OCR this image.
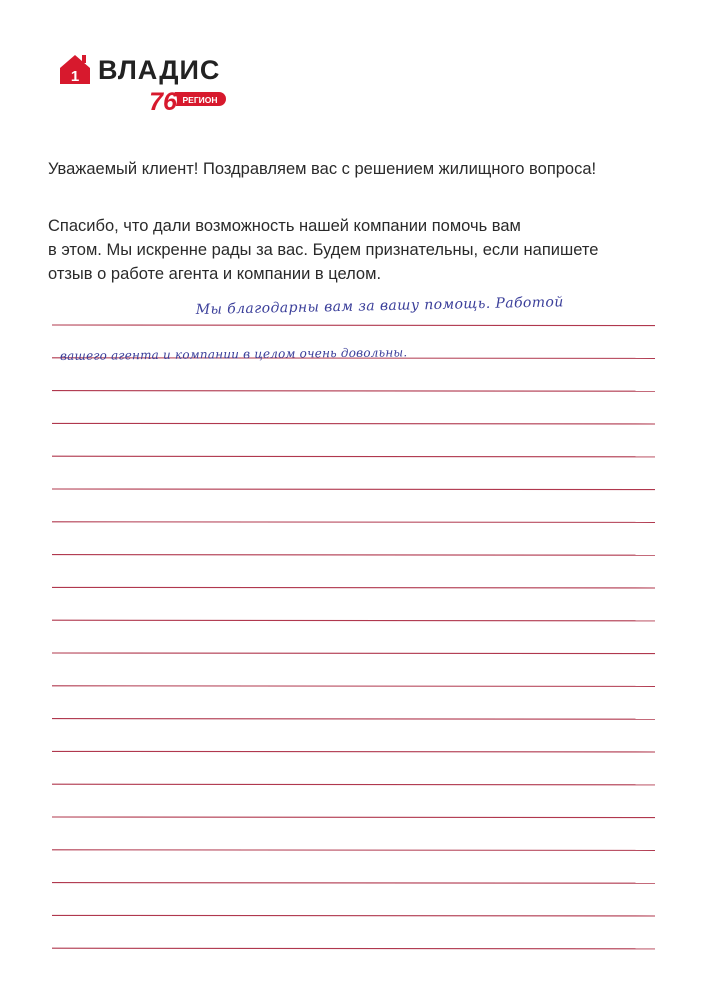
1 ВЛАДИС
76 РЕГИОН

Уважаемый клиент! Поздравляем вас с решением жилищного вопроса!

Спасибо, что дали возможность нашей компании помочь вам
в этом. Мы искренне рады за вас. Будем признательны, если напишете
отзыв о работе агента и компании в целом.

Мы благодарны вам за вашу помощь. Работой
вашего агента и компании в целом очень довольны.
